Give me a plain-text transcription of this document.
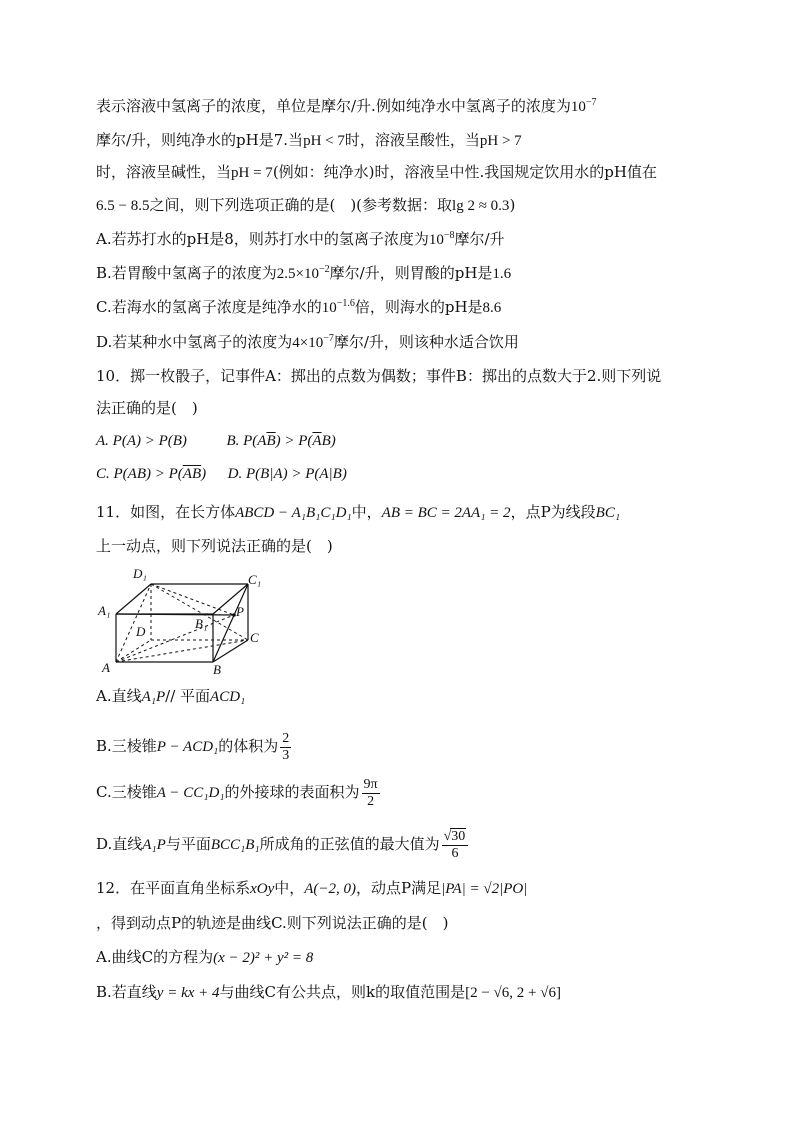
表示溶液中氢离子的浓度，单位是摩尔/升.例如纯净水中氢离子的浓度为$10^{-7}$

摩尔/升，则纯净水的pH是7.当pH < 7时，溶液呈酸性，当pH > 7

时，溶液呈碱性，当pH = 7(例如：纯净水)时，溶液呈中性.我国规定饮用水的pH值在

6.5 − 8.5之间，则下列选项正确的是(　)(参考数据：取lg 2 ≈ 0.3)

A.若苏打水的pH是8，则苏打水中的氢离子浓度为$10^{-8}$摩尔/升

B.若胃酸中氢离子的浓度为$2.5\times 10^{-2}$摩尔/升，则胃酸的pH是1.6

C.若海水的氢离子浓度是纯净水的$10^{-1.6}$倍，则海水的pH是8.6

D.若某种水中氢离子的浓度为$4\times 10^{-7}$摩尔/升，则该种水适合饮用

10．掷一枚骰子，记事件A：掷出的点数为偶数；事件B：掷出的点数大于2.则下列说

法正确的是(　)

A. P(A) > P(B)	B. $P(A\overline{B}) > P(\overline{A}B)$

C. $P(AB) > P(\overline{A}\overline{B})$ D. P(B|A) > P(A|B)

11．如图，在长方体ABCD − A₁B₁C₁D₁中，AB = BC = 2AA₁ = 2，点P为线段BC₁

上一动点，则下列说法正确的是(　)

D₁	C₁
A₁	P
D
B₁
C
A	B

A.直线A₁P// 平面ACD₁

B.三棱锥P − ACD₁的体积为 $\frac{2}{3}$

C.三棱锥A − CC₁D₁的外接球的表面积为 $\frac{9\pi}{2}$

D.直线A₁P与平面BCC₁B₁所成角的正弦值的最大值为 $\frac{√30}{6}$

12．在平面直角坐标系xOy中，A(−2, 0)，动点P满足|PA| = √2|PO|

，得到动点P的轨迹是曲线C.则下列说法正确的是(　)

A.曲线C的方程为(x − 2)² + y² = 8

B.若直线y = kx + 4与曲线C有公共点，则k的取值范围是[2 − √6, 2 + √6]
